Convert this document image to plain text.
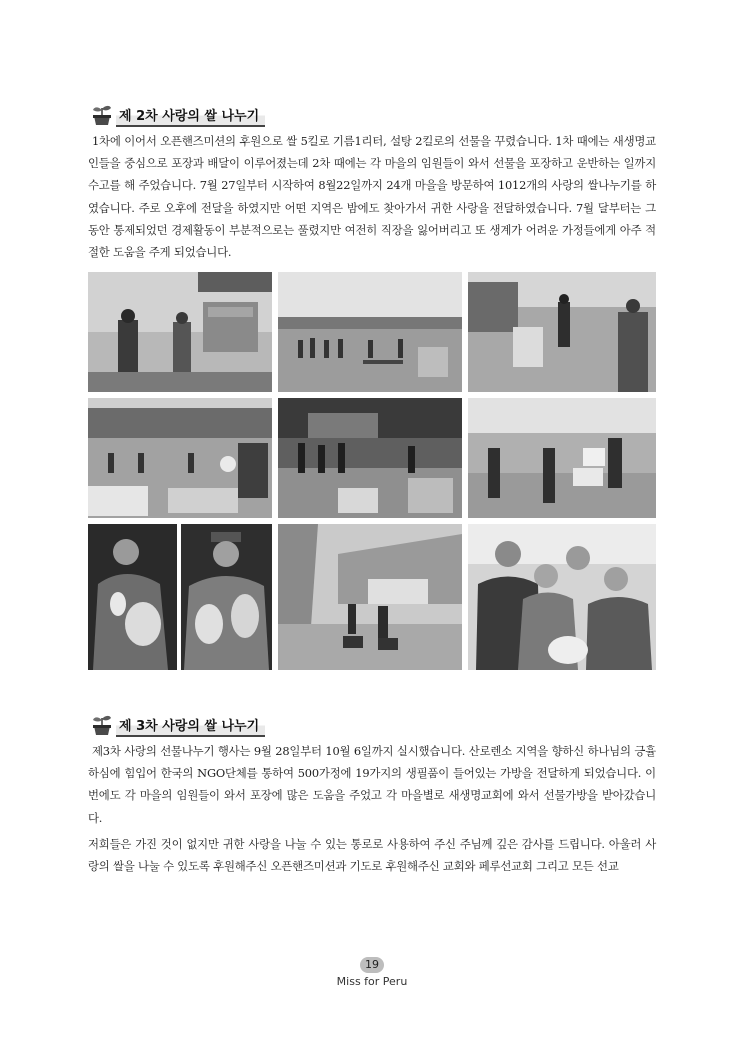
제 2차 사랑의 쌀 나누기

1차에 이어서 오픈핸즈미션의 후원으로 쌀 5킬로 기름1리터, 설탕 2킬로의 선물을 꾸렸습니다. 1차 때에는 새생명교인들을 중심으로 포장과 배달이 이루어졌는데 2차 때에는 각 마을의 임원들이 와서 선물을 포장하고 운반하는 일까지 수고를 해 주었습니다. 7월 27일부터 시작하여 8월22일까지 24개 마을을 방문하여 1012개의 사랑의 쌀나누기를 하였습니다. 주로 오후에 전달을 하였지만 어떤 지역은 밤에도 찾아가서 귀한 사랑을 전달하였습니다. 7월 달부터는 그동안 통제되었던 경제활동이 부분적으로는 풀렸지만 여전히 직장을 잃어버리고 또 생계가 어려운 가정들에게 아주 적절한 도움을 주게 되었습니다.

제 3차 사랑의 쌀 나누기

제3차 사랑의 선물나누기 행사는 9월 28일부터 10월 6일까지 실시했습니다. 산로렌소 지역을 향하신 하나님의 긍휼하심에 힘입어 한국의 NGO단체를 통하여 500가정에 19가지의 생필품이 들어있는 가방을 전달하게 되었습니다. 이번에도 각 마을의 임원들이 와서 포장에 많은 도움을 주었고 각 마을별로 새생명교회에 와서 선물가방을 받아갔습니다.

저희들은 가진 것이 없지만 귀한 사랑을 나눌 수 있는 통로로 사용하여 주신 주님께 깊은 감사를 드립니다. 아울러 사랑의 쌀을 나눌 수 있도록 후원해주신 오픈핸즈미션과 기도로 후원해주신 교회와 페루선교회 그리고 모든 선교

19
Miss for Peru
